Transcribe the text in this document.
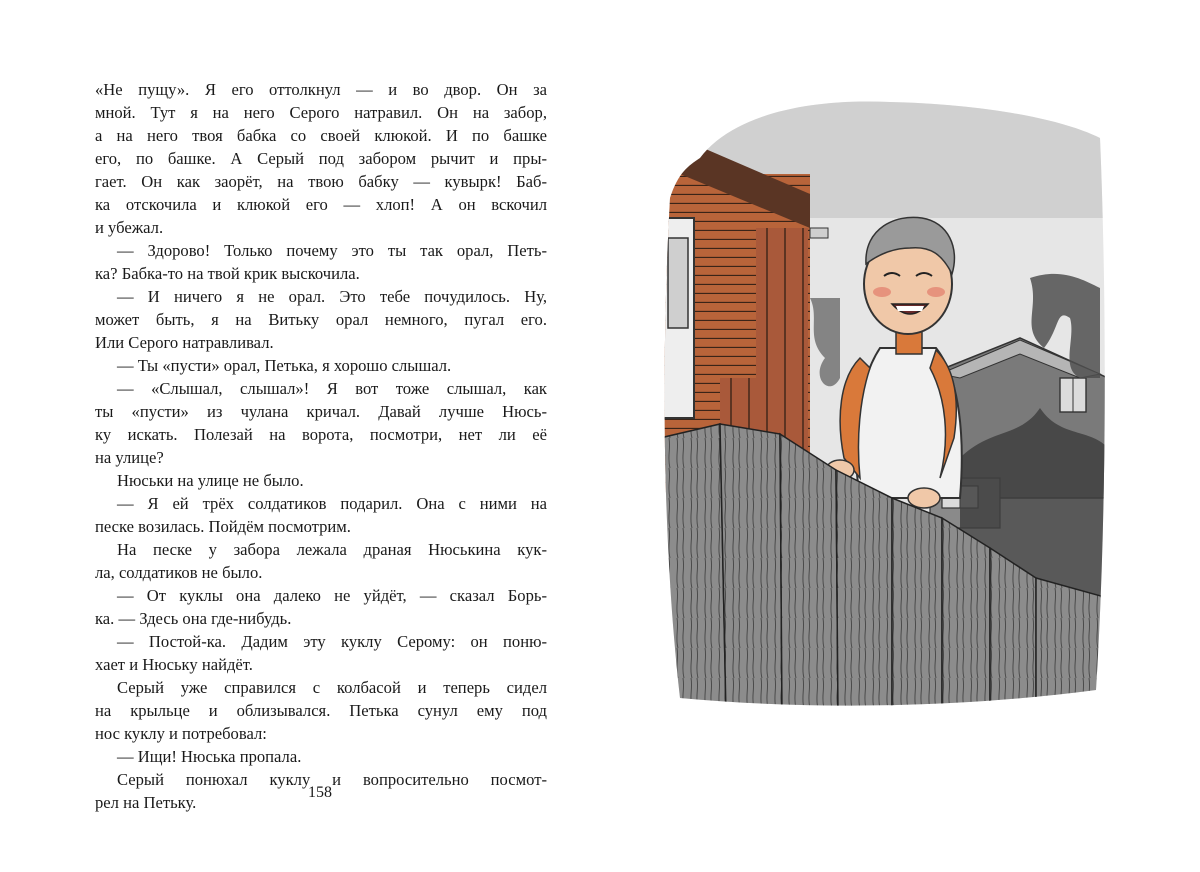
«Не пущу». Я его оттолкнул — и во двор. Он за
мной. Тут я на него Серого натравил. Он на забор,
а на него твоя бабка со своей клюкой. И по башке
его, по башке. А Серый под забором рычит и пры-
гает. Он как заорёт, на твою бабку — кувырк! Баб-
ка отскочила и клюкой его — хлоп! А он вскочил
и убежал.
— Здорово! Только почему это ты так орал, Петь-
ка? Бабка-то на твой крик выскочила.
— И ничего я не орал. Это тебе почудилось. Ну,
может быть, я на Витьку орал немного, пугал его.
Или Серого натравливал.
— Ты «пусти» орал, Петька, я хорошо слышал.
— «Слышал, слышал»! Я вот тоже слышал, как
ты «пусти» из чулана кричал. Давай лучше Нюсь-
ку искать. Полезай на ворота, посмотри, нет ли её
на улице?
Нюськи на улице не было.
— Я ей трёх солдатиков подарил. Она с ними на
песке возилась. Пойдём посмотрим.
На песке у забора лежала драная Нюськина кук-
ла, солдатиков не было.
— От куклы она далеко не уйдёт, — сказал Борь-
ка. — Здесь она где-нибудь.
— Постой-ка. Дадим эту куклу Серому: он поню-
хает и Нюську найдёт.
Серый уже справился с колбасой и теперь сидел
на крыльце и облизывался. Петька сунул ему под
нос куклу и потребовал:
— Ищи! Нюська пропала.
Серый понюхал куклу и вопросительно посмот-
рел на Петьку.
158
